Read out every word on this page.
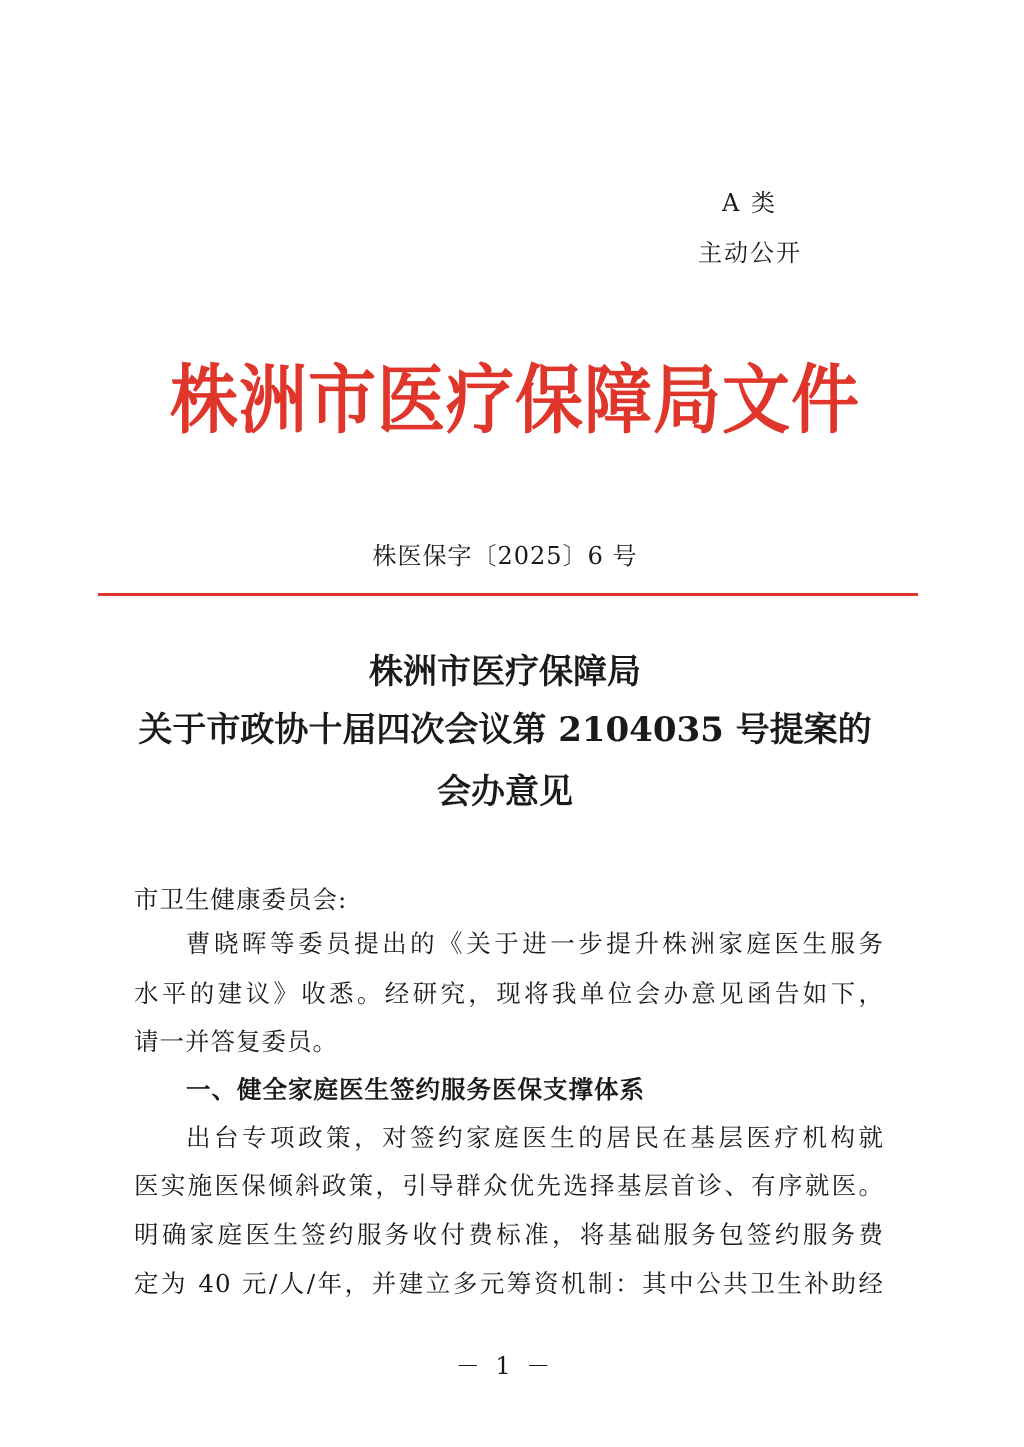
A 类
主动公开
株洲市医疗保障局文件
株医保字〔2025〕6 号
株洲市医疗保障局
关于市政协十届四次会议第 2104035 号提案的
会办意见
市卫生健康委员会:
曹晓晖等委员提出的《关于进一步提升株洲家庭医生服务
水平的建议》收悉。经研究，现将我单位会办意见函告如下，
请一并答复委员。
一、健全家庭医生签约服务医保支撑体系
出台专项政策，对签约家庭医生的居民在基层医疗机构就
医实施医保倾斜政策，引导群众优先选择基层首诊、有序就医。
明确家庭医生签约服务收付费标准，将基础服务包签约服务费
定为 40 元/人/年，并建立多元筹资机制：其中公共卫生补助经
－ 1 －
